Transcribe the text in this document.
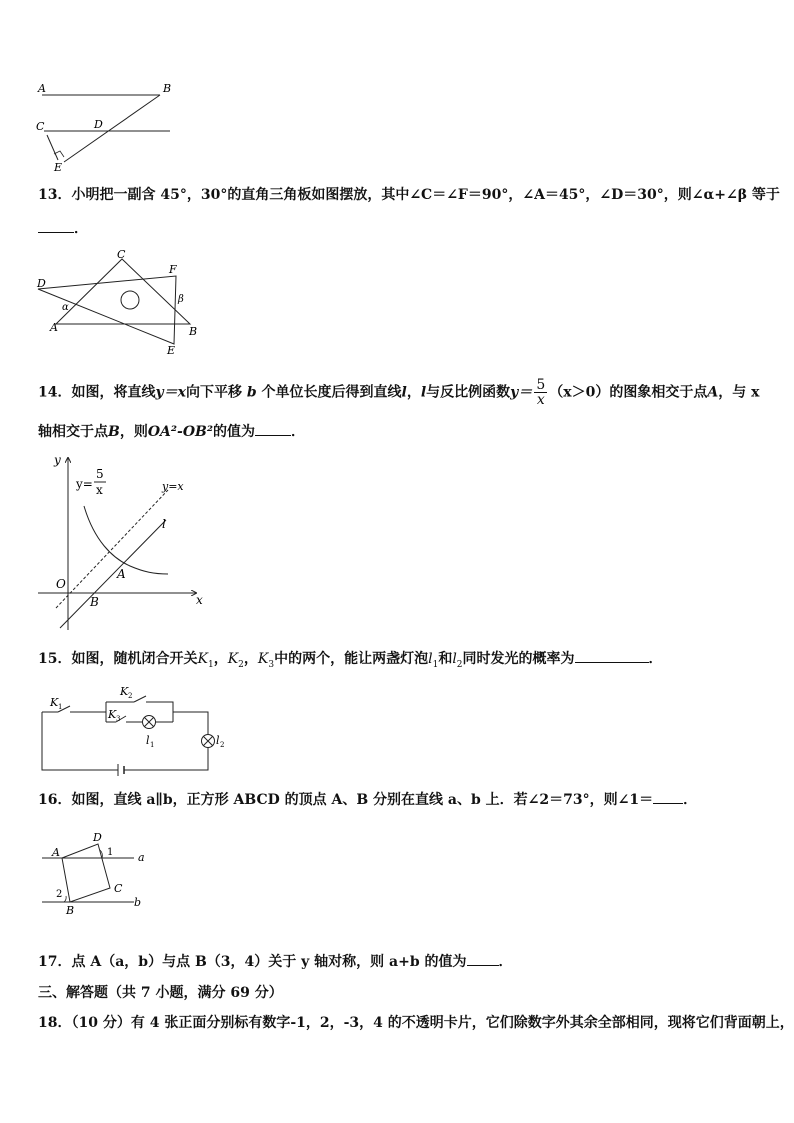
A	B
C	D
E
13．小明把一副含 45°，30°的直角三角板如图摆放，其中∠C＝∠F＝90°，∠A＝45°，∠D＝30°，则∠α+∠β 等于
．
C
F
D
α
β
A	B
E
14．如图，将直线y＝x向下平移 b 个单位长度后得到直线l，l与反比例函数$y= \frac{5}{x} (x>0)$的图象相交于点A，与 x
轴相交于点B，则OA²-OB²的值为	．
y
x
y=
5
x	y=x
l
O
A
B
15．如图，随机闭合开关$K_1$，$K_2$，$K_3$中的两个，能让两盏灯泡$l_1$和$l_2$同时发光的概率为	．
K 1
K 2
K 3
l 1	l 2
16．如图，直线 a∥b，正方形 ABCD 的顶点 A、B 分别在直线 a、b 上．若∠2＝73°，则∠1＝ ．
D
A	1 a
C
2
B
b
17．点 A（a，b）与点 B（3，4）关于 y 轴对称，则 a+b 的值为 ．
三、解答题（共 7 小题，满分 69 分）
18．（10 分）有 4 张正面分别标有数字-1，2，-3，4 的不透明卡片，它们除数字外其余全部相同，现将它们背面朝上，
